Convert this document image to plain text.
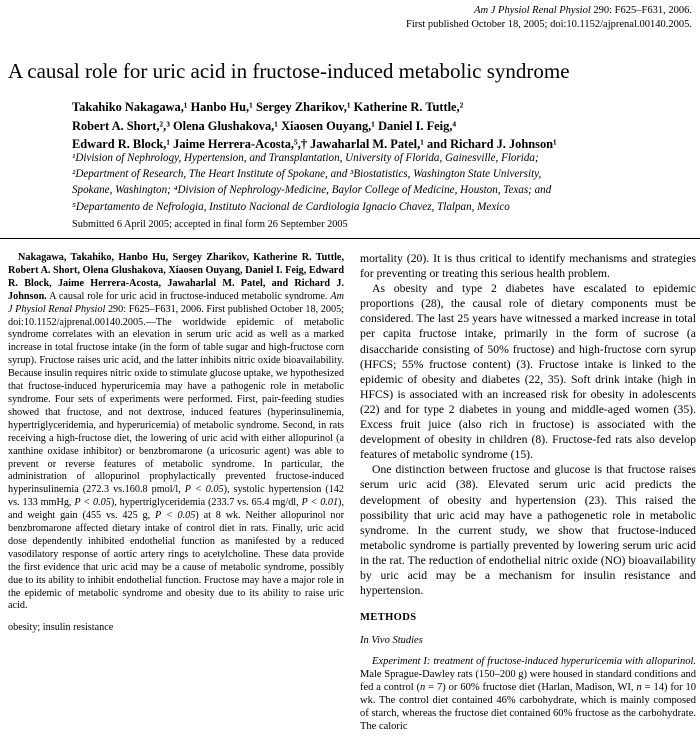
Am J Physiol Renal Physiol 290: F625–F631, 2006.
First published October 18, 2005; doi:10.1152/ajprenal.00140.2005.
A causal role for uric acid in fructose-induced metabolic syndrome
Takahiko Nakagawa,¹ Hanbo Hu,¹ Sergey Zharikov,¹ Katherine R. Tuttle,²
Robert A. Short,²,³ Olena Glushakova,¹ Xiaosen Ouyang,¹ Daniel I. Feig,⁴
Edward R. Block,¹ Jaime Herrera-Acosta,⁵,† Jawaharlal M. Patel,¹ and Richard J. Johnson¹
¹Division of Nephrology, Hypertension, and Transplantation, University of Florida, Gainesville, Florida;
²Department of Research, The Heart Institute of Spokane, and ³Biostatistics, Washington State University,
Spokane, Washington; ⁴Division of Nephrology-Medicine, Baylor College of Medicine, Houston, Texas; and
⁵Departamento de Nefrologia, Instituto Nacional de Cardiologia Ignacio Chavez, Tlalpan, Mexico
Submitted 6 April 2005; accepted in final form 26 September 2005

Nakagawa, Takahiko, Hanbo Hu, Sergey Zharikov, Katherine R. Tuttle, Robert A. Short, Olena Glushakova, Xiaosen Ouyang, Daniel I. Feig, Edward R. Block, Jaime Herrera-Acosta, Jawaharlal M. Patel, and Richard J. Johnson. A causal role for uric acid in fructose-induced metabolic syndrome. Am J Physiol Renal Physiol 290: F625–F631, 2006. First published October 18, 2005; doi:10.1152/ajprenal.00140.2005.—The worldwide epidemic of metabolic syndrome correlates with an elevation in serum uric acid as well as a marked increase in total fructose intake (in the form of table sugar and high-fructose corn syrup). Fructose raises uric acid, and the latter inhibits nitric oxide bioavailability. Because insulin requires nitric oxide to stimulate glucose uptake, we hypothesized that fructose-induced hyperuricemia may have a pathogenic role in metabolic syndrome. Four sets of experiments were performed. First, pair-feeding studies showed that fructose, and not dextrose, induced features (hyperinsulinemia, hypertriglyceridemia, and hyperuricemia) of metabolic syndrome. Second, in rats receiving a high-fructose diet, the lowering of uric acid with either allopurinol (a xanthine oxidase inhibitor) or benzbromarone (a uricosuric agent) was able to prevent or reverse features of metabolic syndrome. In particular, the administration of allopurinol prophylactically prevented fructose-induced hyperinsulinemia (272.3 vs.160.8 pmol/l, P < 0.05), systolic hypertension (142 vs. 133 mmHg, P < 0.05), hypertriglyceridemia (233.7 vs. 65.4 mg/dl, P < 0.01), and weight gain (455 vs. 425 g, P < 0.05) at 8 wk. Neither allopurinol nor benzbromarone affected dietary intake of control diet in rats. Finally, uric acid dose dependently inhibited endothelial function as manifested by a reduced vasodilatory response of aortic artery rings to acetylcholine. These data provide the first evidence that uric acid may be a cause of metabolic syndrome, possibly due to its ability to inhibit endothelial function. Fructose may have a major role in the epidemic of metabolic syndrome and obesity due to its ability to raise uric acid.

obesity; insulin resistance

mortality (20). It is thus critical to identify mechanisms and strategies for preventing or treating this serious health problem.

As obesity and type 2 diabetes have escalated to epidemic proportions (28), the causal role of dietary components must be considered. The last 25 years have witnessed a marked increase in total per capita fructose intake, primarily in the form of sucrose (a disaccharide consisting of 50% fructose) and high-fructose corn syrup (HFCS; 55% fructose content) (3). Fructose intake is linked to the epidemic of obesity and diabetes (22, 35). Soft drink intake (high in HFCS) is associated with an increased risk for obesity in adolescents (22) and for type 2 diabetes in young and middle-aged women (35). Excess fruit juice (also rich in fructose) is associated with the development of obesity in children (8). Fructose-fed rats also develop features of metabolic syndrome (15).

One distinction between fructose and glucose is that fructose raises serum uric acid (38). Elevated serum uric acid predicts the development of obesity and hypertension (23). This raised the possibility that uric acid may have a pathogenetic role in metabolic syndrome. In the current study, we show that fructose-induced metabolic syndrome is partially prevented by lowering serum uric acid in the rat. The reduction of endothelial nitric oxide (NO) bioavailability by uric acid may be a mechanism for insulin resistance and hypertension.

METHODS
In Vivo Studies

Experiment I: treatment of fructose-induced hyperuricemia with allopurinol. Male Sprague-Dawley rats (150–200 g) were housed in standard conditions and fed a control (n = 7) or 60% fructose diet (Harlan, Madison, WI, n = 14) for 10 wk. The control diet contained 46% carbohydrate, which is mainly composed of starch, whereas the fructose diet contained 60% fructose as the carbohydrate. The caloric
